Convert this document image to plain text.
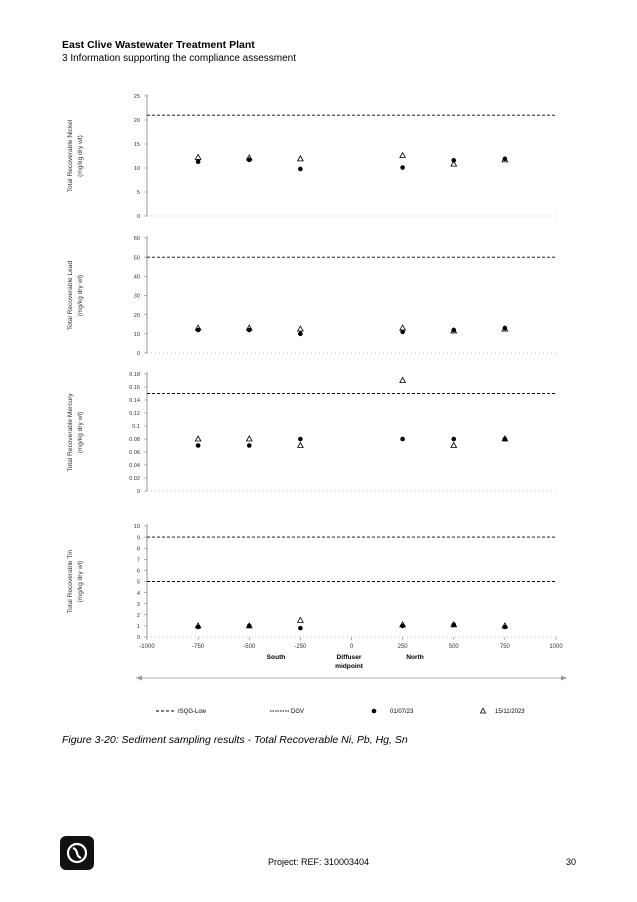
East Clive Wastewater Treatment Plant
3 Information supporting the compliance assessment
0
5
10
15
20
25
Total Recoverable Nickel (mg/kg dry wt)
0
10
20
30
40
50
60
Total Recoverable Lead (mg/kg dry wt)
0
0.02
0.04
0.06
0.08
0.1
0.12
0.14
0.16
0.18
Total Recoverable Mercury (mg/kg dry wt)
0
1
2
3
4
5
6
7
8
9
10
Total Recoverable Tin (mg/kg dry wt)
-1000	-750	-500	-250	0	250	500	750	1000
South	North
Diffuser
midpoint
ISQG-Low	DGV	01/07/23	15/11/2023
Figure 3-20: Sediment sampling results - Total Recoverable Ni, Pb, Hg, Sn
Project: REF: 310003404	30
